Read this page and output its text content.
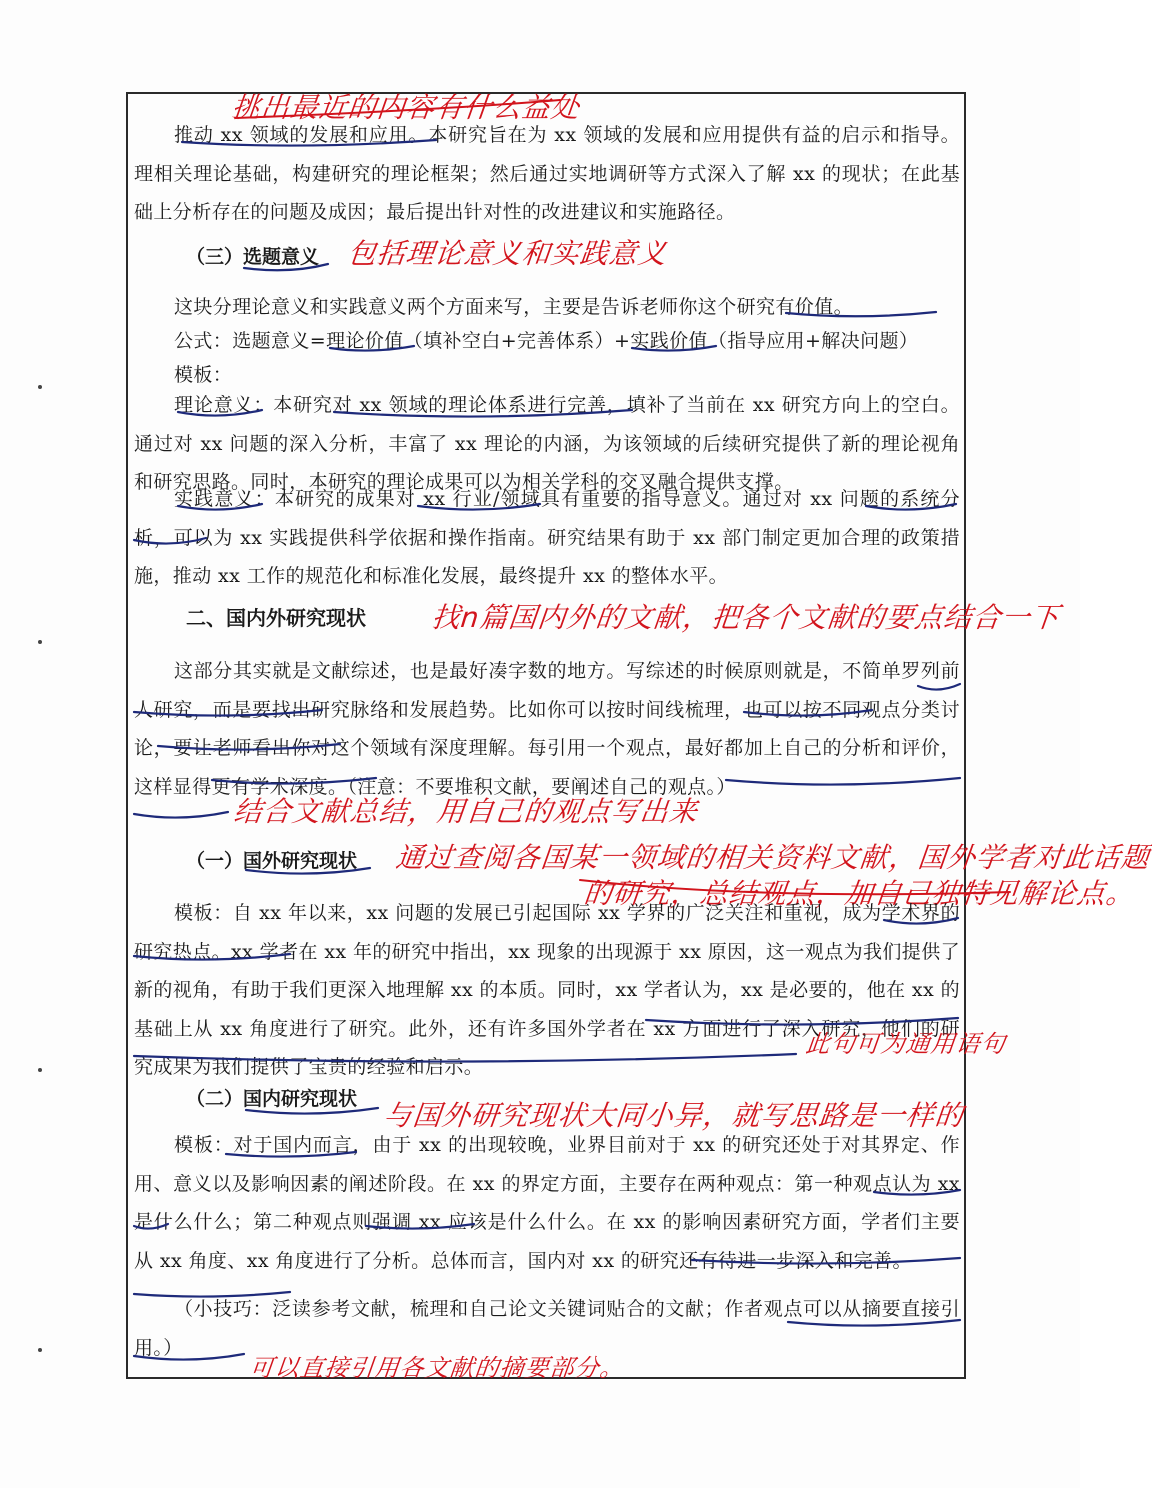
挑出最近的内容有什么益处

推动 xx 领域的发展和应用。本研究旨在为 xx 领域的发展和应用提供有益的启示和指导。理相关理论基础，构建研究的理论框架；然后通过实地调研等方式深入了解 xx 的现状；在此基础上分析存在的问题及成因；最后提出针对性的改进建议和实施路径。

（三）选题意义 包括理论意义和实践意义

这块分理论意义和实践意义两个方面来写，主要是告诉老师你这个研究有价值。

公式：选题意义=理论价值（填补空白+完善体系）+实践价值（指导应用+解决问题）

模板：

理论意义：本研究对 xx 领域的理论体系进行完善，填补了当前在 xx 研究方向上的空白。通过对 xx 问题的深入分析，丰富了 xx 理论的内涵，为该领域的后续研究提供了新的理论视角和研究思路。同时，本研究的理论成果可以为相关学科的交叉融合提供支撑。

实践意义：本研究的成果对 xx 行业/领域具有重要的指导意义。通过对 xx 问题的系统分析，可以为 xx 实践提供科学依据和操作指南。研究结果有助于 xx 部门制定更加合理的政策措施，推动 xx 工作的规范化和标准化发展，最终提升 xx 的整体水平。

二、国内外研究现状 找n篇国内外的文献，把各个文献的要点结合一下

这部分其实就是文献综述，也是最好凑字数的地方。写综述的时候原则就是，不简单罗列前人研究，而是要找出研究脉络和发展趋势。比如你可以按时间线梳理，也可以按不同观点分类讨论，要让老师看出你对这个领域有深度理解。每引用一个观点，最好都加上自己的分析和评价，这样显得更有学术深度。（注意：不要堆积文献，要阐述自己的观点。）

结合文献总结，用自己的观点写出来

（一）国外研究现状 通过查阅各国某一领域的相关资料文献，国外学者对此话题

的研究，总结观点，加自己独特见解论点。

模板：自 xx 年以来，xx 问题的发展已引起国际 xx 学界的广泛关注和重视，成为学术界的研究热点。xx 学者在 xx 年的研究中指出，xx 现象的出现源于 xx 原因，这一观点为我们提供了新的视角，有助于我们更深入地理解 xx 的本质。同时，xx 学者认为，xx 是必要的，他在 xx 的基础上从 xx 角度进行了研究。此外，还有许多国外学者在 xx 方面进行了深入研究，他们的研究成果为我们提供了宝贵的经验和启示。

此句可为通用语句

（二）国内研究现状 与国外研究现状大同小异，就写思路是一样的

模板：对于国内而言，由于 xx 的出现较晚，业界目前对于 xx 的研究还处于对其界定、作用、意义以及影响因素的阐述阶段。在 xx 的界定方面，主要存在两种观点：第一种观点认为 xx 是什么什么；第二种观点则强调 xx 应该是什么什么。在 xx 的影响因素研究方面，学者们主要从 xx 角度、xx 角度进行了分析。总体而言，国内对 xx 的研究还有待进一步深入和完善。

（小技巧：泛读参考文献，梳理和自己论文关键词贴合的文献；作者观点可以从摘要直接引用。）

可以直接引用各文献的摘要部分。
